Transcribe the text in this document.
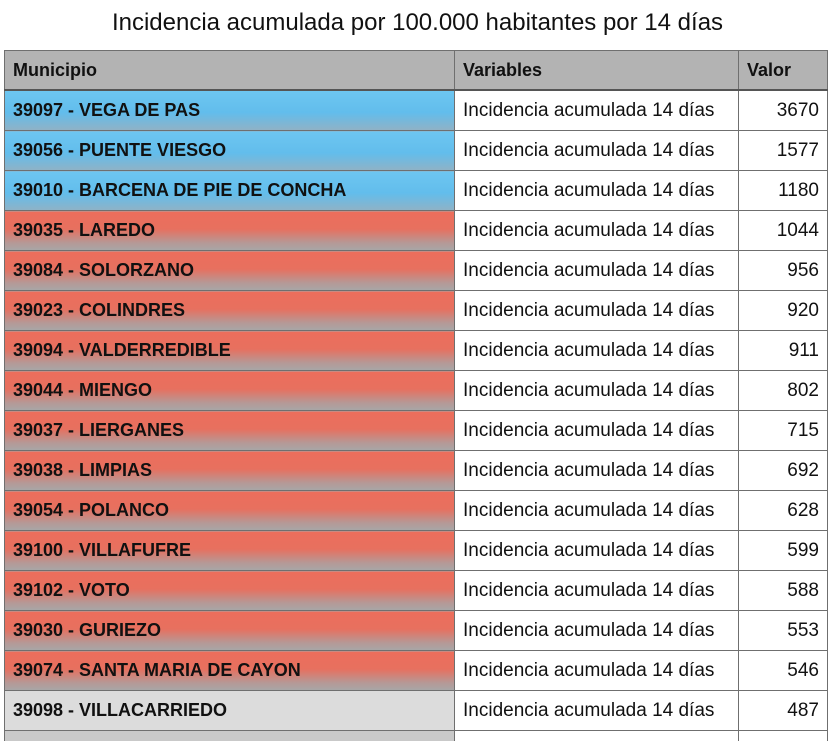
Incidencia acumulada por 100.000 habitantes por 14 días
Municipio	Variables	Valor
39097 - VEGA DE PAS	Incidencia acumulada 14 días	3670
39056 - PUENTE VIESGO	Incidencia acumulada 14 días	1577
39010 - BARCENA DE PIE DE CONCHA	Incidencia acumulada 14 días	1180
39035 - LAREDO	Incidencia acumulada 14 días	1044
39084 - SOLORZANO	Incidencia acumulada 14 días	956
39023 - COLINDRES	Incidencia acumulada 14 días	920
39094 - VALDERREDIBLE	Incidencia acumulada 14 días	911
39044 - MIENGO	Incidencia acumulada 14 días	802
39037 - LIERGANES	Incidencia acumulada 14 días	715
39038 - LIMPIAS	Incidencia acumulada 14 días	692
39054 - POLANCO	Incidencia acumulada 14 días	628
39100 - VILLAFUFRE	Incidencia acumulada 14 días	599
39102 - VOTO	Incidencia acumulada 14 días	588
39030 - GURIEZO	Incidencia acumulada 14 días	553
39074 - SANTA MARIA DE CAYON	Incidencia acumulada 14 días	546
39098 - VILLACARRIEDO	Incidencia acumulada 14 días	487
